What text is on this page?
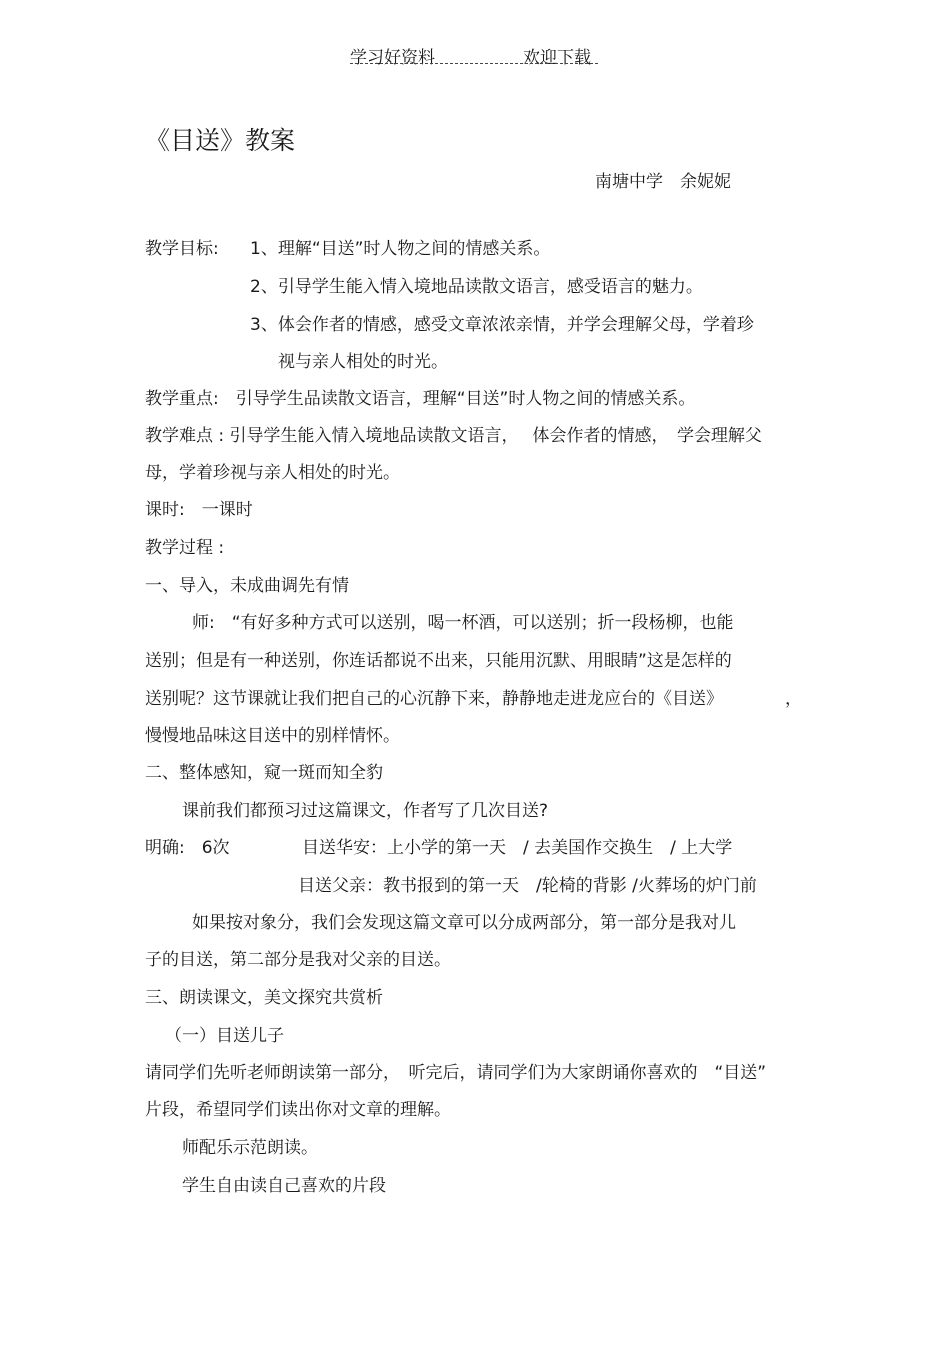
学习好资料	欢迎下载
《目送》教案
南塘中学　余妮妮
教学目标: 1、理解“目送”时人物之间的情感关系。
2、引导学生能入情入境地品读散文语言，感受语言的魅力。
3、体会作者的情感，感受文章浓浓亲情，并学会理解父母，学着珍
视与亲人相处的时光。
教学重点:　引导学生品读散文语言，理解“目送”时人物之间的情感关系。
教学难点 : 引导学生能入情入境地品读散文语言，　 体会作者的情感，　学会理解父
母，学着珍视与亲人相处的时光。
课时:　一课时
教学过程 :
一、导入，未成曲调先有情
师:　“有好多种方式可以送别，喝一杯酒，可以送别；折一段杨柳，也能
送别；但是有一种送别，你连话都说不出来，只能用沉默、用眼睛”这是怎样的
送别呢？这节课就让我们把自己的心沉静下来，静静地走进龙应台的《目送》	，
慢慢地品味这目送中的别样情怀。
二、整体感知，窥一斑而知全豹
课前我们都预习过这篇课文，作者写了几次目送?
明确:　6次	目送华安：上小学的第一天　/ 去美国作交换生　/ 上大学
目送父亲：教书报到的第一天　/轮椅的背影 /火葬场的炉门前
如果按对象分，我们会发现这篇文章可以分成两部分，第一部分是我对儿
子的目送，第二部分是我对父亲的目送。
三、朗读课文，美文探究共赏析
（一）目送儿子
请同学们先听老师朗读第一部分，　听完后，请同学们为大家朗诵你喜欢的　“目送”
片段，希望同学们读出你对文章的理解。
师配乐示范朗读。
学生自由读自己喜欢的片段
